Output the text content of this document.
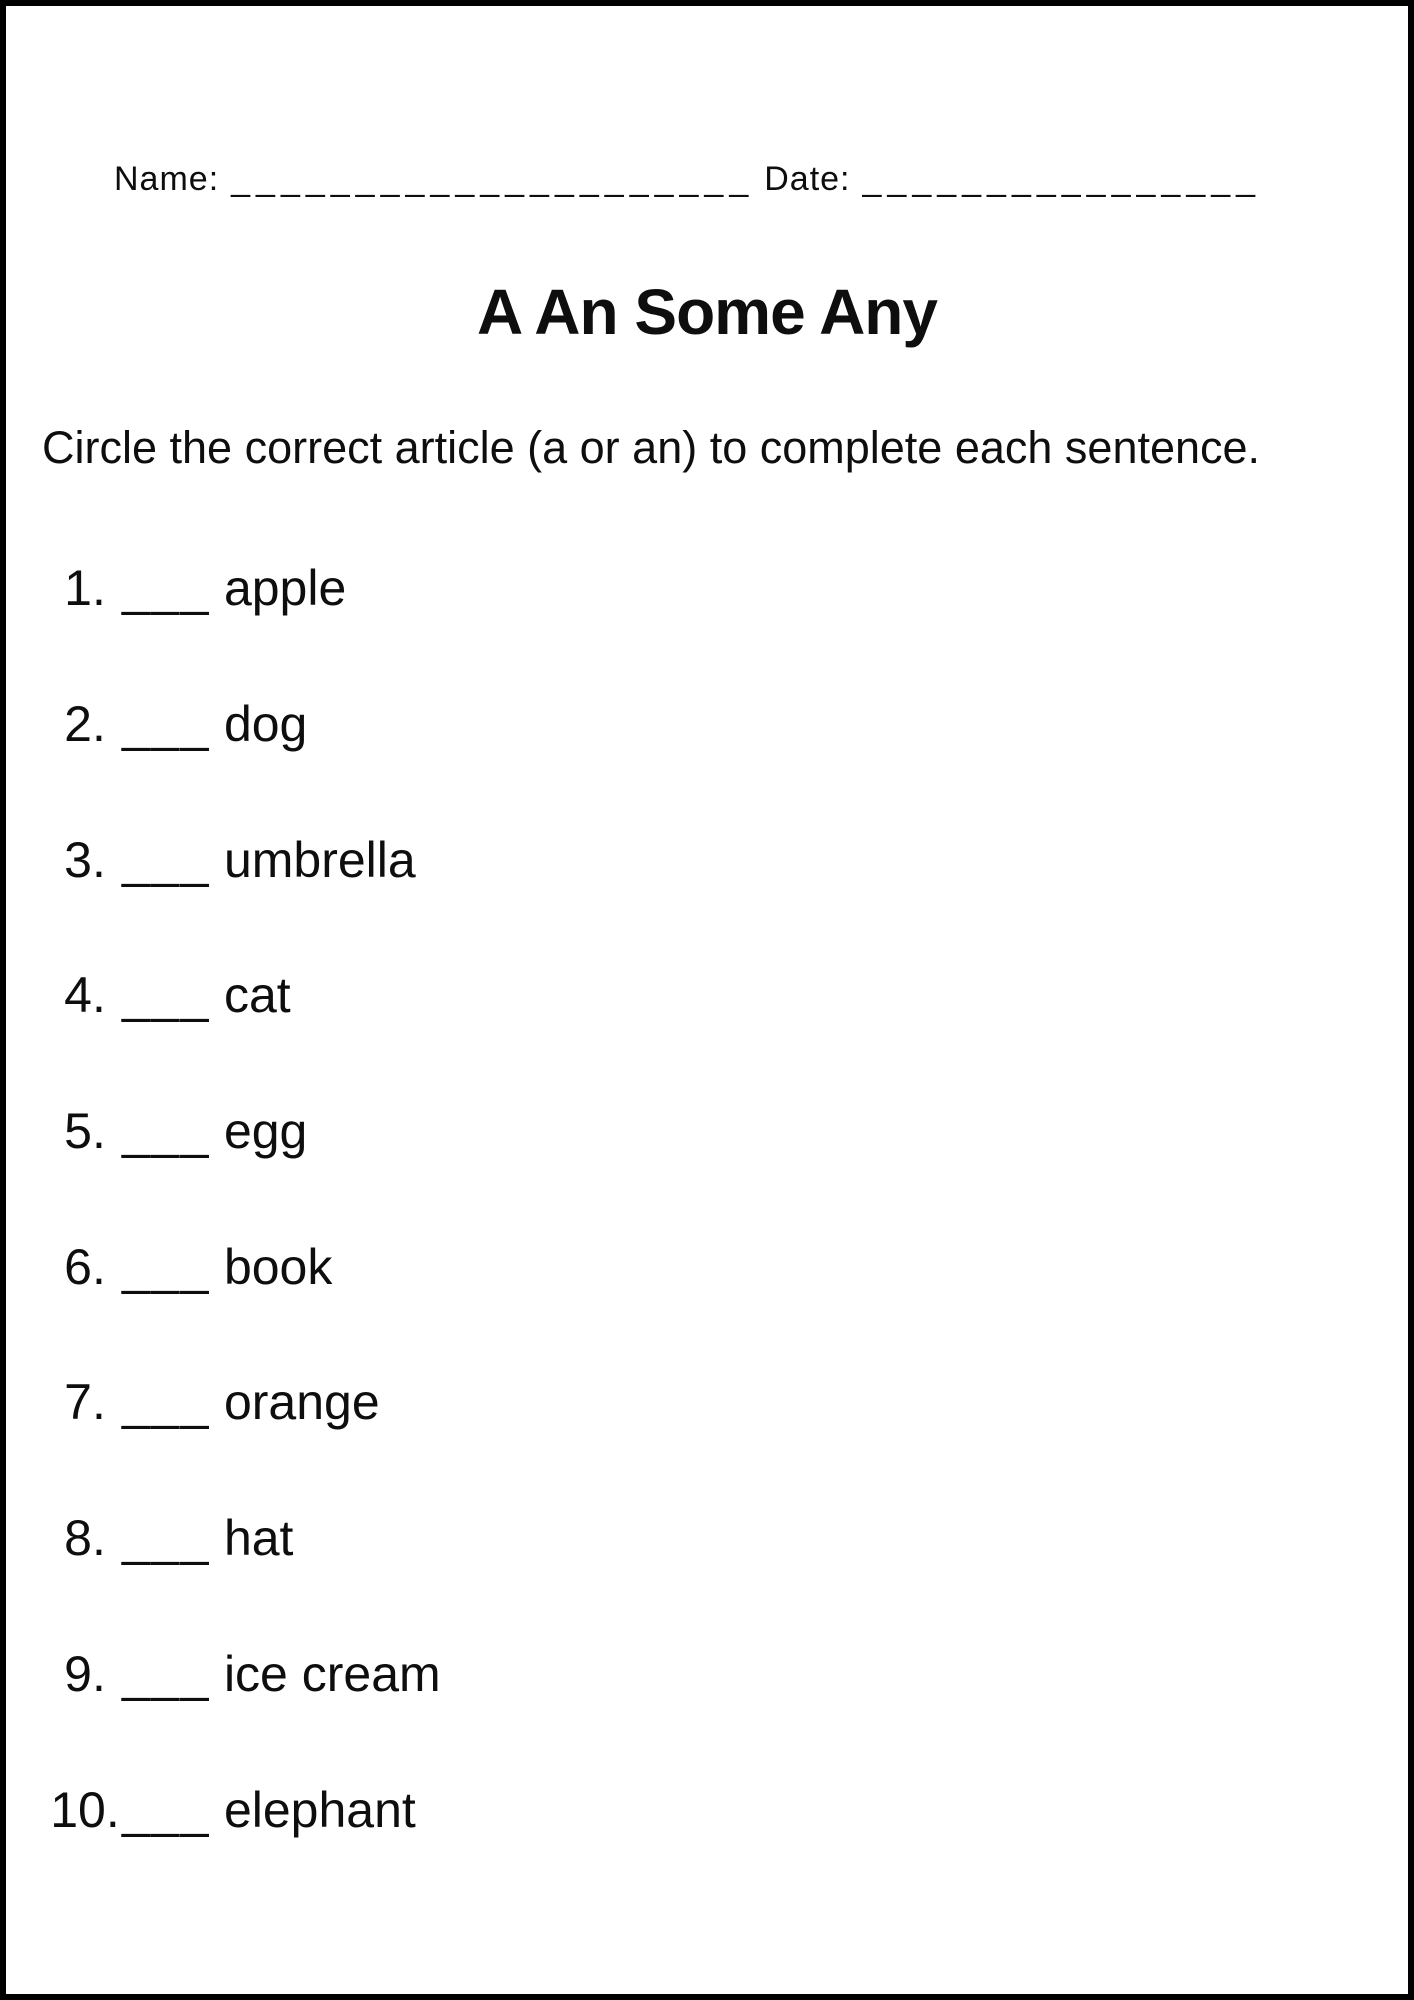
Name: _____________________ Date: ________________
A An Some Any

Circle the correct article (a or an) to complete each sentence.

1. ___ apple
2. ___ dog
3. ___ umbrella
4. ___ cat
5. ___ egg
6. ___ book
7. ___ orange
8. ___ hat
9. ___ ice cream
10. ___ elephant
